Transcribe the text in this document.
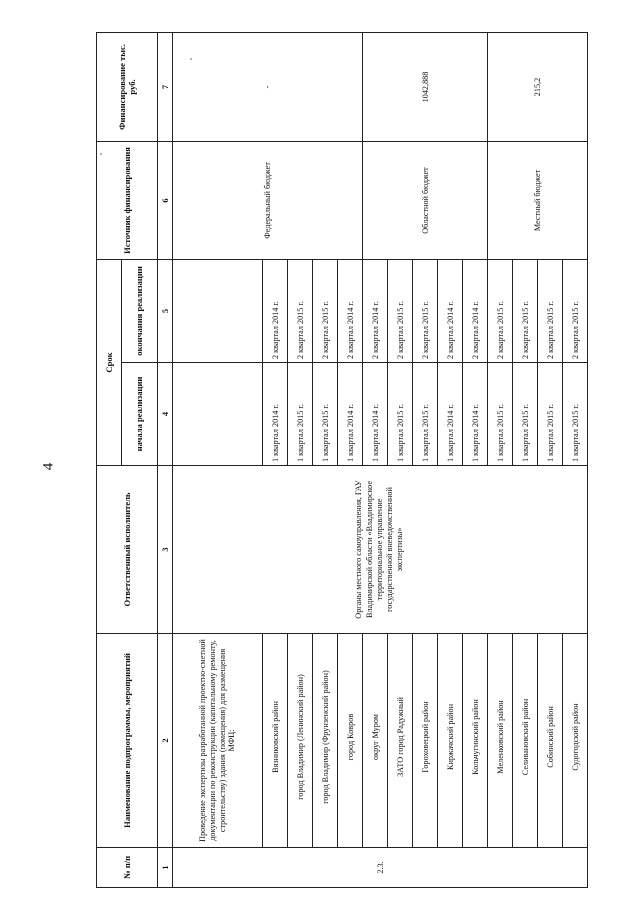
4
№ п/п	Наименование подпрограммы, мероприятий	Ответственный исполнитель	Срок		Источник финансирования	Финансирование тыс. руб.
			начала реализации	окончания реализации		
1	2	3	4	5	6	7
2.3.	Проведение экспертизы разработанной проектно-сметной документации по реконструкции (капитальному ремонту, строительству) здания (помещения) для размещения МФЦ:	Органы местного самоуправления, ГАУ Владимирской области «Владимирское территориальное управление государственной вневедомственной экспертизы»			Федеральный бюджет	-
	Вязниковский район		1 квартал 2014 г.	2 квартал 2014 г.		
	город Владимир (Ленинский район)		1 квартал 2015 г.	2 квартал 2015 г.		
	город Владимир (Фрунзенский район)		1 квартал 2015 г.	2 квартал 2015 г.		
	город Ковров		1 квартал 2014 г.	2 квартал 2014 г.		
	округ Муром		1 квартал 2014 г.	2 квартал 2014 г.	Областной бюджет	1042,888
	ЗАТО город Радужный		1 квартал 2015 г.	2 квартал 2015 г.		
	Гороховецкий район		1 квартал 2015 г.	2 квартал 2015 г.		
	Киржачский район		1 квартал 2014 г.	2 квартал 2014 г.		
	Кольчугинский район		1 квартал 2014 г.	2 квартал 2014 г.		
	Меленковский район		1 квартал 2015 г.	2 квартал 2015 г.	Местный бюджет	215,2
	Селивановский район		1 квартал 2015 г.	2 квартал 2015 г.		
	Собинский район		1 квартал 2015 г.	2 квартал 2015 г.		
	Судогодский район		1 квартал 2015 г.	2 квартал 2015 г.		
